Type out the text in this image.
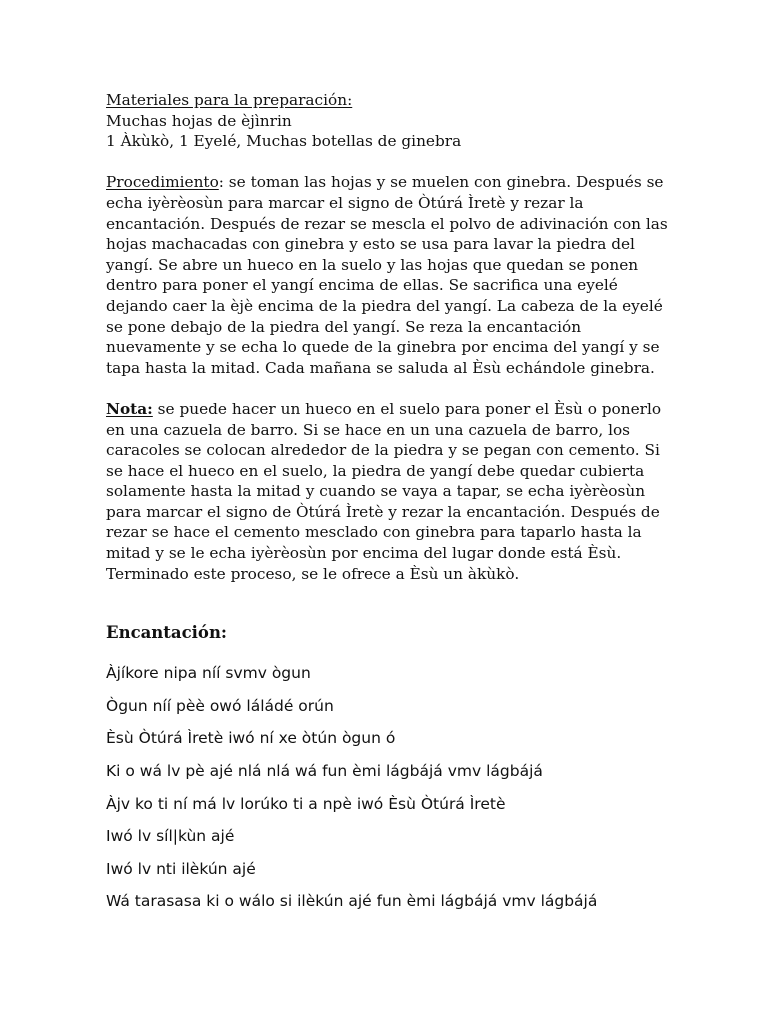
Materiales para la preparación:
Muchas hojas de èjìnrin
1 Àkùkò, 1 Eyelé, Muchas botellas de ginebra

Procedimiento: se toman las hojas y se muelen con ginebra. Después se echa iyèrèosùn para marcar el signo de Òtúrá Ìretè y rezar la encantación. Después de rezar se mescla el polvo de adivinación con las hojas machacadas con ginebra y esto se usa para lavar la piedra del yangí. Se abre un hueco en la suelo y las hojas que quedan se ponen dentro para poner el yangí encima de ellas. Se sacrifica una eyelé dejando caer la èjè encima de la piedra del yangí. La cabeza de la eyelé se pone debajo de la piedra del yangí. Se reza la encantación nuevamente y se echa lo quede de la ginebra por encima del yangí y se tapa hasta la mitad. Cada mañana se saluda al Èsù echándole ginebra.

Nota: se puede hacer un hueco en el suelo para poner el Èsù o ponerlo en una cazuela de barro. Si se hace en un una cazuela de barro, los caracoles se colocan alrededor de la piedra y se pegan con cemento. Si se hace el hueco en el suelo, la piedra de yangí debe quedar cubierta solamente hasta la mitad y cuando se vaya a tapar, se echa iyèrèosùn para marcar el signo de Òtúrá Ìretè y rezar la encantación. Después de rezar se hace el cemento mesclado con ginebra para taparlo hasta la mitad y se le echa iyèrèosùn por encima del lugar donde está Èsù. Terminado este proceso, se le ofrece a Èsù un àkùkò.

Encantación:

Àjíkore nipa níí svmv ògun

Ògun níí pèè owó láládé orún

Èsù Òtúrá Ìretè iwó ní xe òtún ògun ó

Ki o wá lv pè ajé nlá nlá wá fun èmi lágbájá vmv lágbájá

Àjv ko ti ní má lv lorúko ti a npè iwó Èsù Òtúrá Ìretè

Iwó lv síl|kùn ajé

Iwó lv nti ilèkún ajé

Wá tarasasa ki o wálo si ilèkún ajé fun èmi lágbájá vmv lágbájá
